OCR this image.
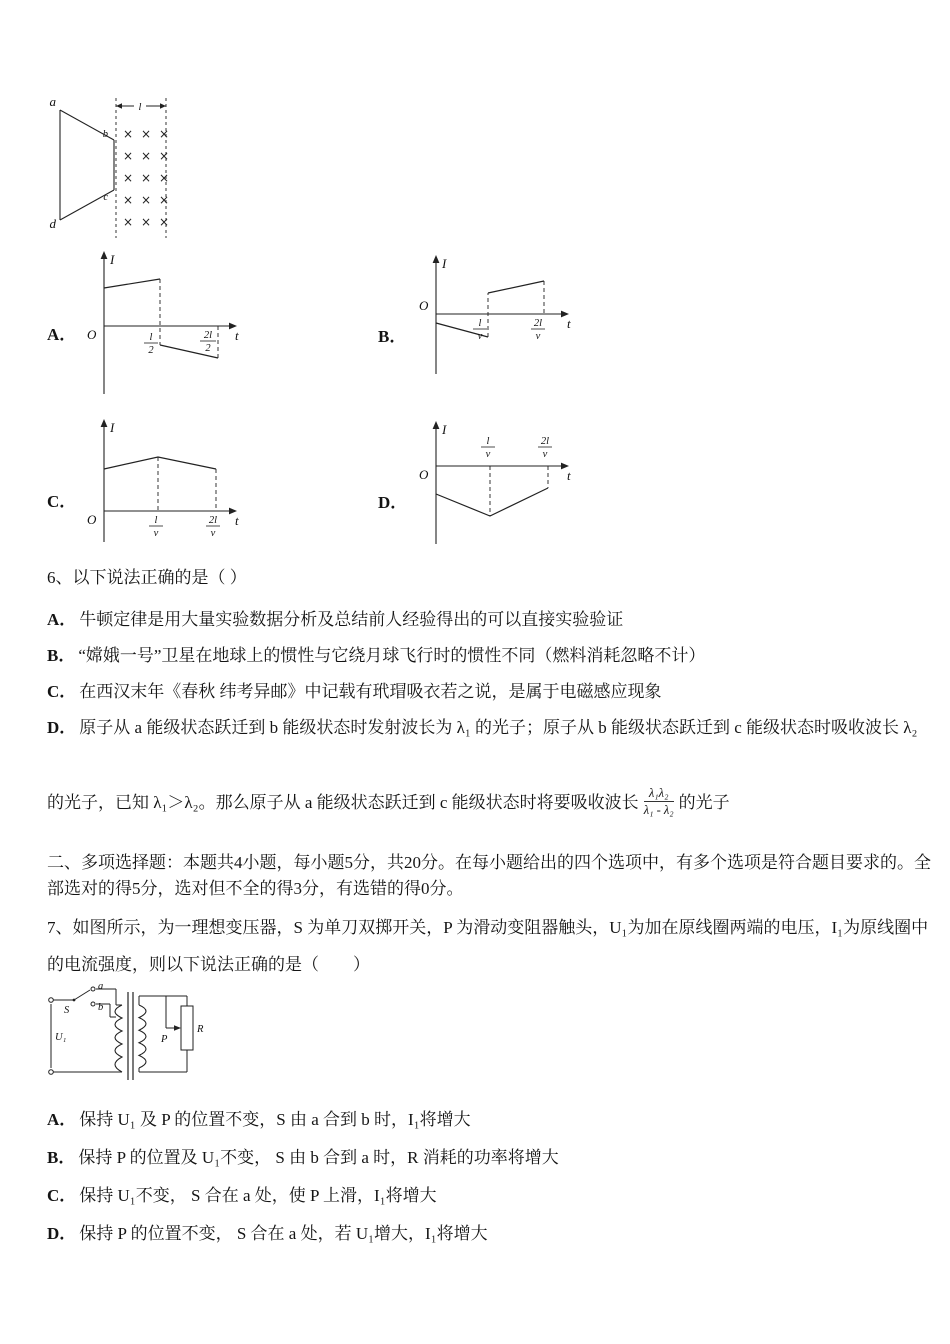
l
a
d
b
c
× × ×
× × ×
× × ×
× × ×
× × ×
A．
I
t
O	l
2
2l
2
B．
I
t
O
l
v
2l
v
C．
I
t
O	l
v
2l
v
D．
I
t
O
l
v
2l
v
6、以下说法正确的是（ ）
A． 牛顿定律是用大量实验数据分析及总结前人经验得出的可以直接实验验证
B． “嫦娥一号”卫星在地球上的惯性与它绕月球飞行时的惯性不同（燃料消耗忽略不计）
C． 在西汉末年《春秋 纬考异邮》中记载有玳瑁吸衣若之说，是属于电磁感应现象
D． 原子从 a 能级状态跃迁到 b 能级状态时发射波长为 λ₁ 的光子；原子从 b 能级状态跃迁到 c 能级状态时吸收波长 λ₂
的光子，已知 λ₁＞λ₂。那么原子从 a 能级状态跃迁到 c 能级状态时将要吸收波长 $\frac{\text{λ₁λ₂}}{\text{λ₁ - λ₂}}$ 的光子
二、多项选择题：本题共4小题，每小题5分，共20分。在每小题给出的四个选项中，有多个选项是符合题目要求的。全部选对的得5分，选对但不全的得3分，有选错的得0分。
7、如图所示，为一理想变压器，S 为单刀双掷开关，P 为滑动变阻器触头，U₁为加在原线圈两端的电压，I₁为原线圈中的电流强度，则以下说法正确的是（　　）
a
b
S
U₁	P
R
A． 保持 U₁ 及 P 的位置不变，S 由 a 合到 b 时，I₁将增大
B． 保持 P 的位置及 U₁不变， S 由 b 合到 a 时，R 消耗的功率将增大
C． 保持 U₁不变， S 合在 a 处，使 P 上滑，I₁将增大
D． 保持 P 的位置不变， S 合在 a 处，若 U₁增大，I₁将增大
